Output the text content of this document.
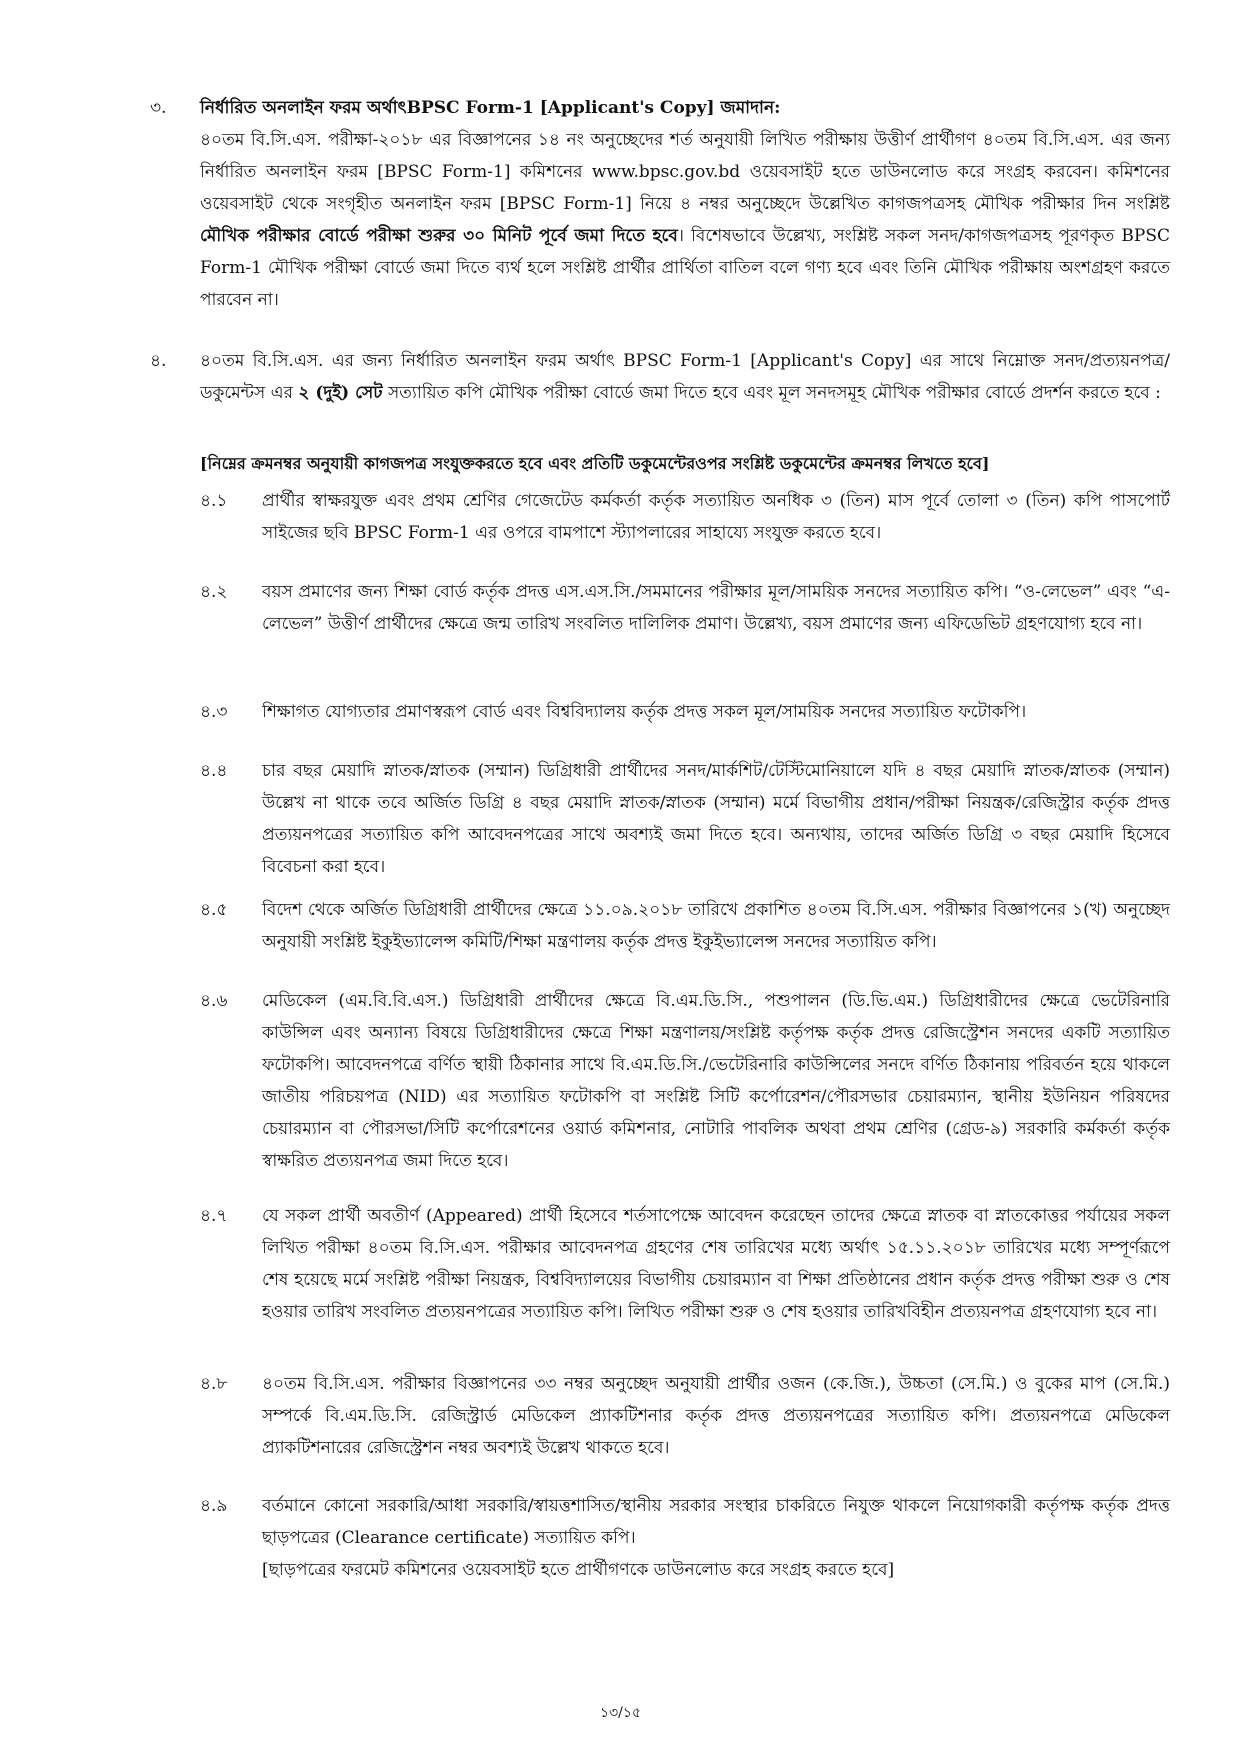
৩. নির্ধারিত অনলাইন ফরম অর্থাৎBPSC Form-1 [Applicant's Copy] জমাদান:
৪০তম বি.সি.এস. পরীক্ষা-২০১৮ এর বিজ্ঞাপনের ১৪ নং অনুচ্ছেদের শর্ত অনুযায়ী লিখিত পরীক্ষায় উত্তীর্ণ প্রার্থীগণ ৪০তম বি.সি.এস. এর জন্য নির্ধারিত অনলাইন ফরম [BPSC Form-1] কমিশনের www.bpsc.gov.bd ওয়েবসাইট হতে ডাউনলোড করে সংগ্রহ করবেন। কমিশনের ওয়েবসাইট থেকে সংগৃহীত অনলাইন ফরম [BPSC Form-1] নিয়ে ৪ নম্বর অনুচ্ছেদে উল্লেখিত কাগজপত্রসহ মৌখিক পরীক্ষার দিন সংশ্লিষ্ট মৌখিক পরীক্ষার বোর্ডে পরীক্ষা শুরুর ৩০ মিনিট পূর্বে জমা দিতে হবে। বিশেষভাবে উল্লেখ্য, সংশ্লিষ্ট সকল সনদ/কাগজপত্রসহ পূরণকৃত BPSC Form-1 মৌখিক পরীক্ষা বোর্ডে জমা দিতে ব্যর্থ হলে সংশ্লিষ্ট প্রার্থীর প্রার্থিতা বাতিল বলে গণ্য হবে এবং তিনি মৌখিক পরীক্ষায় অংশগ্রহণ করতে পারবেন না।
৪. ৪০তম বি.সি.এস. এর জন্য নির্ধারিত অনলাইন ফরম অর্থাৎ BPSC Form-1 [Applicant's Copy] এর সাথে নিম্নোক্ত সনদ/প্রত্যয়নপত্র/ ডকুমেন্টস এর ২ (দুই) সেট সত্যায়িত কপি মৌখিক পরীক্ষা বোর্ডে জমা দিতে হবে এবং মূল সনদসমূহ মৌখিক পরীক্ষার বোর্ডে প্রদর্শন করতে হবে :
[নিম্নের ক্রমনম্বর অনুযায়ী কাগজপত্র সংযুক্তকরতে হবে এবং প্রতিটি ডকুমেন্টেরওপর সংশ্লিষ্ট ডকুমেন্টের ক্রমনম্বর লিখতে হবে]
৪.১ প্রার্থীর স্বাক্ষরযুক্ত এবং প্রথম শ্রেণির গেজেটেড কর্মকর্তা কর্তৃক সত্যায়িত অনধিক ৩ (তিন) মাস পূর্বে তোলা ৩ (তিন) কপি পাসপোর্ট সাইজের ছবি BPSC Form-1 এর ওপরে বামপাশে স্ট্যাপলারের সাহায্যে সংযুক্ত করতে হবে।
৪.২ বয়স প্রমাণের জন্য শিক্ষা বোর্ড কর্তৃক প্রদত্ত এস.এস.সি./সমমানের পরীক্ষার মূল/সাময়িক সনদের সত্যায়িত কপি। “ও-লেভেল” এবং “এ-লেভেল” উত্তীর্ণ প্রার্থীদের ক্ষেত্রে জন্ম তারিখ সংবলিত দালিলিক প্রমাণ। উল্লেখ্য, বয়স প্রমাণের জন্য এফিডেভিট গ্রহণযোগ্য হবে না।
৪.৩ শিক্ষাগত যোগ্যতার প্রমাণস্বরূপ বোর্ড এবং বিশ্ববিদ্যালয় কর্তৃক প্রদত্ত সকল মূল/সাময়িক সনদের সত্যায়িত ফটোকপি।
৪.৪ চার বছর মেয়াদি স্নাতক/স্নাতক (সম্মান) ডিগ্রিধারী প্রার্থীদের সনদ/মার্কশিট/টেস্টিমোনিয়ালে যদি ৪ বছর মেয়াদি স্নাতক/স্নাতক (সম্মান) উল্লেখ না থাকে তবে অর্জিত ডিগ্রি ৪ বছর মেয়াদি স্নাতক/স্নাতক (সম্মান) মর্মে বিভাগীয় প্রধান/পরীক্ষা নিয়ন্ত্রক/রেজিস্ট্রার কর্তৃক প্রদত্ত প্রত্যয়নপত্রের সত্যায়িত কপি আবেদনপত্রের সাথে অবশ্যই জমা দিতে হবে। অন্যথায়, তাদের অর্জিত ডিগ্রি ৩ বছর মেয়াদি হিসেবে বিবেচনা করা হবে।
৪.৫ বিদেশ থেকে অর্জিত ডিগ্রিধারী প্রার্থীদের ক্ষেত্রে ১১.০৯.২০১৮ তারিখে প্রকাশিত ৪০তম বি.সি.এস. পরীক্ষার বিজ্ঞাপনের ১(খ) অনুচ্ছেদ অনুযায়ী সংশ্লিষ্ট ইকুইভ্যালেন্স কমিটি/শিক্ষা মন্ত্রণালয় কর্তৃক প্রদত্ত ইকুইভ্যালেন্স সনদের সত্যায়িত কপি।
৪.৬ মেডিকেল (এম.বি.বি.এস.) ডিগ্রিধারী প্রার্থীদের ক্ষেত্রে বি.এম.ডি.সি., পশুপালন (ডি.ভি.এম.) ডিগ্রিধারীদের ক্ষেত্রে ভেটেরিনারি কাউন্সিল এবং অন্যান্য বিষয়ে ডিগ্রিধারীদের ক্ষেত্রে শিক্ষা মন্ত্রণালয়/সংশ্লিষ্ট কর্তৃপক্ষ কর্তৃক প্রদত্ত রেজিস্ট্রেশন সনদের একটি সত্যায়িত ফটোকপি। আবেদনপত্রে বর্ণিত স্থায়ী ঠিকানার সাথে বি.এম.ডি.সি./ভেটেরিনারি কাউন্সিলের সনদে বর্ণিত ঠিকানায় পরিবর্তন হয়ে থাকলে জাতীয় পরিচয়পত্র (NID) এর সত্যায়িত ফটোকপি বা সংশ্লিষ্ট সিটি কর্পোরেশন/পৌরসভার চেয়ারম্যান, স্থানীয় ইউনিয়ন পরিষদের চেয়ারম্যান বা পৌরসভা/সিটি কর্পোরেশনের ওয়ার্ড কমিশনার, নোটারি পাবলিক অথবা প্রথম শ্রেণির (গ্রেড-৯) সরকারি কর্মকর্তা কর্তৃক স্বাক্ষরিত প্রত্যয়নপত্র জমা দিতে হবে।
৪.৭ যে সকল প্রার্থী অবতীর্ণ (Appeared) প্রার্থী হিসেবে শর্তসাপেক্ষে আবেদন করেছেন তাদের ক্ষেত্রে স্নাতক বা স্নাতকোত্তর পর্যায়ের সকল লিখিত পরীক্ষা ৪০তম বি.সি.এস. পরীক্ষার আবেদনপত্র গ্রহণের শেষ তারিখের মধ্যে অর্থাৎ ১৫.১১.২০১৮ তারিখের মধ্যে সম্পূর্ণরূপে শেষ হয়েছে মর্মে সংশ্লিষ্ট পরীক্ষা নিয়ন্ত্রক, বিশ্ববিদ্যালয়ের বিভাগীয় চেয়ারম্যান বা শিক্ষা প্রতিষ্ঠানের প্রধান কর্তৃক প্রদত্ত পরীক্ষা শুরু ও শেষ হওয়ার তারিখ সংবলিত প্রত্যয়নপত্রের সত্যায়িত কপি। লিখিত পরীক্ষা শুরু ও শেষ হওয়ার তারিখবিহীন প্রত্যয়নপত্র গ্রহণযোগ্য হবে না।
৪.৮ ৪০তম বি.সি.এস. পরীক্ষার বিজ্ঞাপনের ৩৩ নম্বর অনুচ্ছেদ অনুযায়ী প্রার্থীর ওজন (কে.জি.), উচ্চতা (সে.মি.) ও বুকের মাপ (সে.মি.) সম্পর্কে বি.এম.ডি.সি. রেজিস্ট্রার্ড মেডিকেল প্র্যাকটিশনার কর্তৃক প্রদত্ত প্রত্যয়নপত্রের সত্যায়িত কপি। প্রত্যয়নপত্রে মেডিকেল প্র্যাকটিশনারের রেজিস্ট্রেশন নম্বর অবশ্যই উল্লেখ থাকতে হবে।
৪.৯ বর্তমানে কোনো সরকারি/আধা সরকারি/স্বায়ত্তশাসিত/স্থানীয় সরকার সংস্থার চাকরিতে নিযুক্ত থাকলে নিয়োগকারী কর্তৃপক্ষ কর্তৃক প্রদত্ত ছাড়পত্রের (Clearance certificate) সত্যায়িত কপি।
[ছাড়পত্রের ফরমেট কমিশনের ওয়েবসাইট হতে প্রার্থীগণকে ডাউনলোড করে সংগ্রহ করতে হবে]
১৩/১৫
